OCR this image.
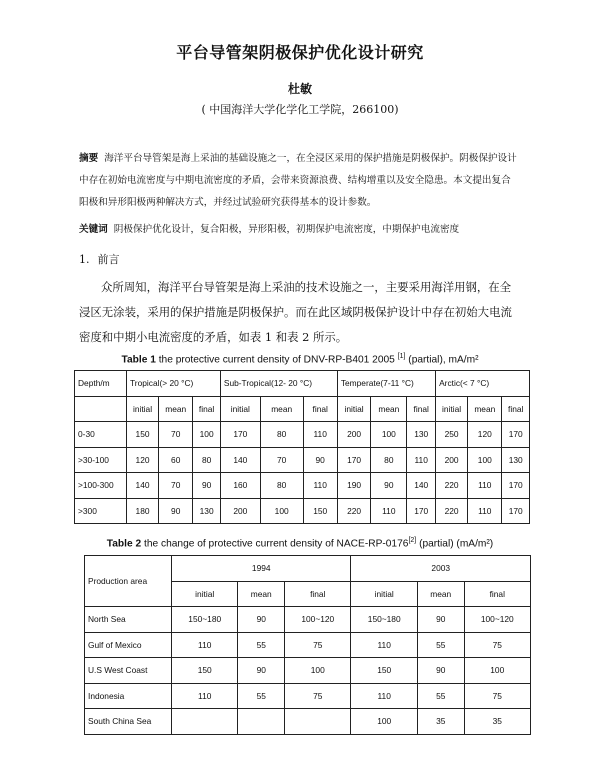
平台导管架阴极保护优化设计研究
杜敏
( 中国海洋大学化学化工学院，266100)
摘要 海洋平台导管架是海上采油的基础设施之一，在全浸区采用的保护措施是阴极保护。阴极保护设计中存在初始电流密度与中期电流密度的矛盾，会带来资源浪费、结构增重以及安全隐患。本文提出复合阳极和异形阳极两种解决方式，并经过试验研究获得基本的设计参数。
关键词 阴极保护优化设计，复合阳极，异形阳极，初期保护电流密度，中期保护电流密度
1. 前言
众所周知，海洋平台导管架是海上采油的技术设施之一，主要采用海洋用钢，在全浸区无涂装，采用的保护措施是阴极保护。而在此区域阴极保护设计中存在初始大电流密度和中期小电流密度的矛盾，如表 1 和表 2 所示。
Table 1 the protective current density of DNV-RP-B401 2005 [1] (partial), mA/m²
Depth/m	Tropical(> 20 °C)			Sub-Tropical(12- 20 °C)			Temperate(7-11 °C)			Arctic(< 7 °C)		
	initial	mean	final	initial	mean	final	initial	mean	final	initial	mean	final
0-30	150	70	100	170	80	110	200	100	130	250	120	170
>30-100	120	60	80	140	70	90	170	80	110	200	100	130
>100-300	140	70	90	160	80	110	190	90	140	220	110	170
>300	180	90	130	200	100	150	220	110	170	220	110	170
Table 2 the change of protective current density of NACE-RP-0176[2] (partial) (mA/m²)
Production area	1994			2003		
	initial	mean	final	initial	mean	final
North Sea	150~180	90	100~120	150~180	90	100~120
Gulf of Mexico	110	55	75	110	55	75
U.S West Coast	150	90	100	150	90	100
Indonesia	110	55	75	110	55	75
South China Sea				100	35	35
